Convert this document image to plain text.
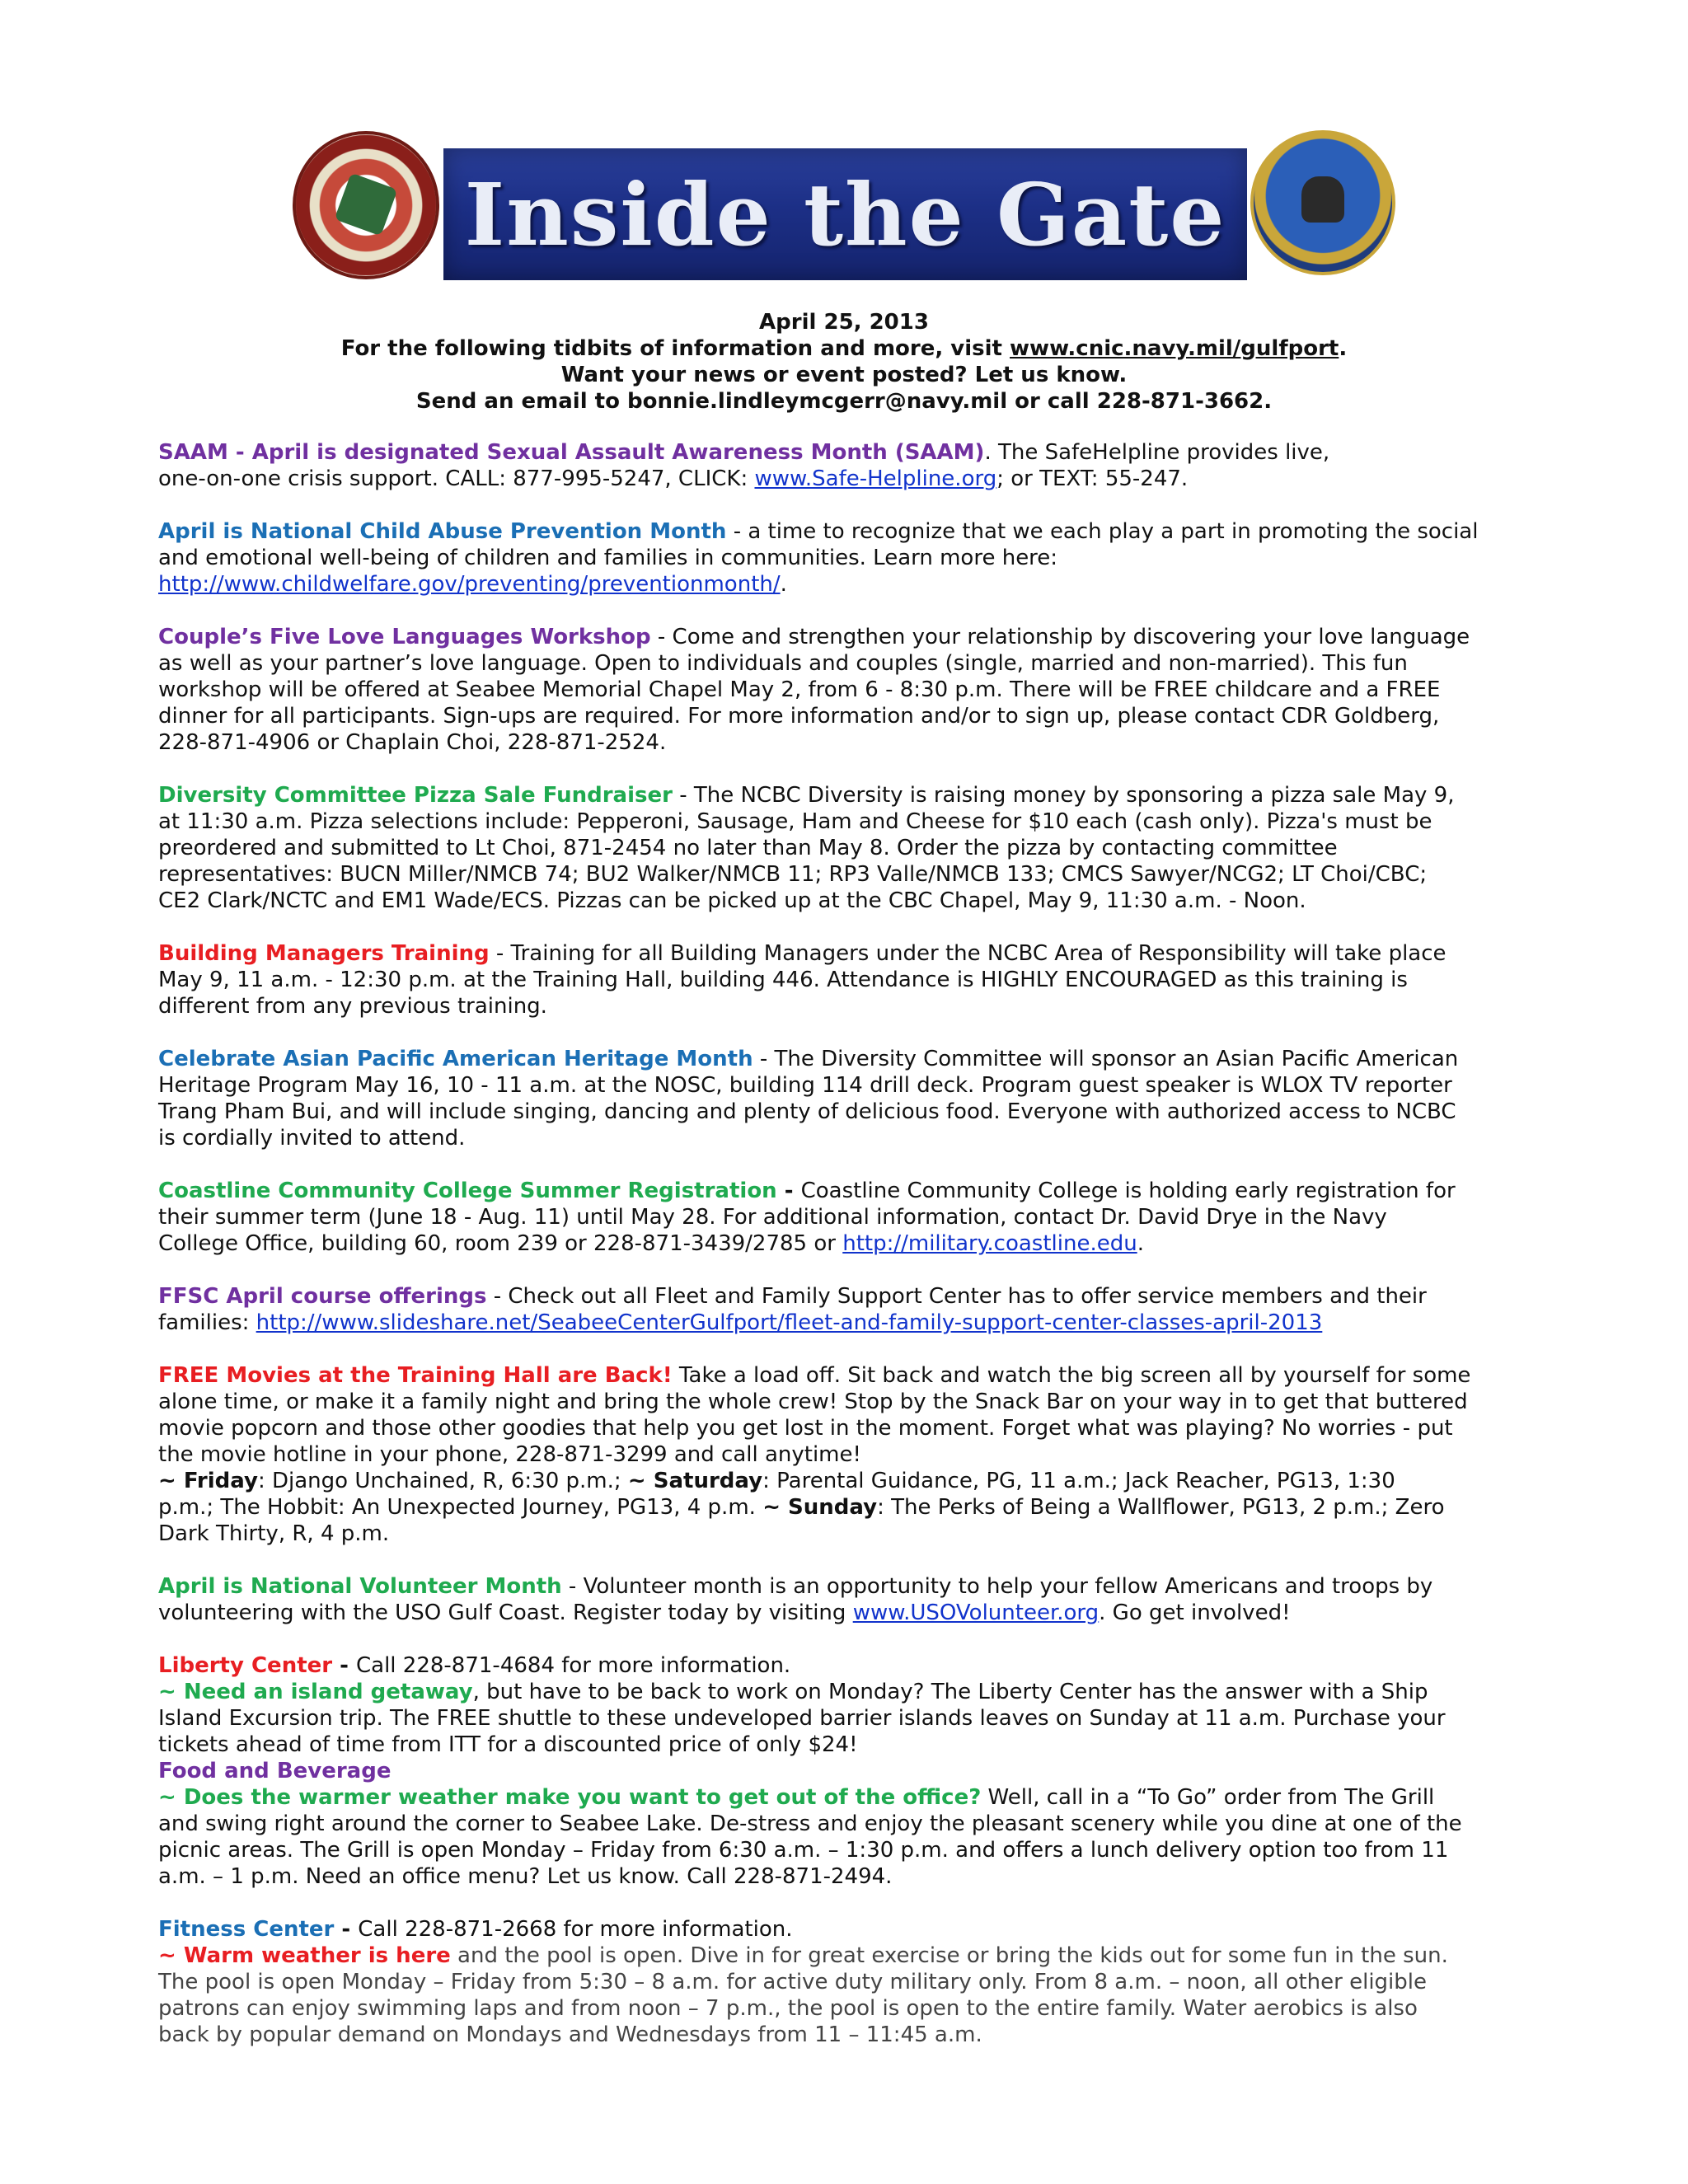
Inside the Gate
April 25, 2013
For the following tidbits of information and more, visit www.cnic.navy.mil/gulfport.
Want your news or event posted? Let us know.
Send an email to bonnie.lindleymcgerr@navy.mil or call 228-871-3662.
SAAM - April is designated Sexual Assault Awareness Month (SAAM). The SafeHelpline provides live,
one-on-one crisis support. CALL: 877-995-5247, CLICK: www.Safe-Helpline.org; or TEXT: 55-247.
April is National Child Abuse Prevention Month - a time to recognize that we each play a part in promoting the social
and emotional well-being of children and families in communities. Learn more here:
http://www.childwelfare.gov/preventing/preventionmonth/.
Couple’s Five Love Languages Workshop - Come and strengthen your relationship by discovering your love language
as well as your partner’s love language. Open to individuals and couples (single, married and non-married). This fun
workshop will be offered at Seabee Memorial Chapel May 2, from 6 - 8:30 p.m. There will be FREE childcare and a FREE
dinner for all participants. Sign-ups are required. For more information and/or to sign up, please contact CDR Goldberg,
228-871-4906 or Chaplain Choi, 228-871-2524.
Diversity Committee Pizza Sale Fundraiser - The NCBC Diversity is raising money by sponsoring a pizza sale May 9,
at 11:30 a.m. Pizza selections include: Pepperoni, Sausage, Ham and Cheese for $10 each (cash only). Pizza's must be
preordered and submitted to Lt Choi, 871-2454 no later than May 8. Order the pizza by contacting committee
representatives: BUCN Miller/NMCB 74; BU2 Walker/NMCB 11; RP3 Valle/NMCB 133; CMCS Sawyer/NCG2; LT Choi/CBC;
CE2 Clark/NCTC and EM1 Wade/ECS. Pizzas can be picked up at the CBC Chapel, May 9, 11:30 a.m. - Noon.
Building Managers Training - Training for all Building Managers under the NCBC Area of Responsibility will take place
May 9, 11 a.m. - 12:30 p.m. at the Training Hall, building 446. Attendance is HIGHLY ENCOURAGED as this training is
different from any previous training.
Celebrate Asian Pacific American Heritage Month - The Diversity Committee will sponsor an Asian Pacific American
Heritage Program May 16, 10 - 11 a.m. at the NOSC, building 114 drill deck. Program guest speaker is WLOX TV reporter
Trang Pham Bui, and will include singing, dancing and plenty of delicious food. Everyone with authorized access to NCBC
is cordially invited to attend.
Coastline Community College Summer Registration - Coastline Community College is holding early registration for
their summer term (June 18 - Aug. 11) until May 28. For additional information, contact Dr. David Drye in the Navy
College Office, building 60, room 239 or 228-871-3439/2785 or http://military.coastline.edu.
FFSC April course offerings - Check out all Fleet and Family Support Center has to offer service members and their
families: http://www.slideshare.net/SeabeeCenterGulfport/fleet-and-family-support-center-classes-april-2013
FREE Movies at the Training Hall are Back! Take a load off. Sit back and watch the big screen all by yourself for some
alone time, or make it a family night and bring the whole crew! Stop by the Snack Bar on your way in to get that buttered
movie popcorn and those other goodies that help you get lost in the moment. Forget what was playing? No worries - put
the movie hotline in your phone, 228-871-3299 and call anytime!
~ Friday: Django Unchained, R, 6:30 p.m.; ~ Saturday: Parental Guidance, PG, 11 a.m.; Jack Reacher, PG13, 1:30
p.m.; The Hobbit: An Unexpected Journey, PG13, 4 p.m. ~ Sunday: The Perks of Being a Wallflower, PG13, 2 p.m.; Zero
Dark Thirty, R, 4 p.m.
April is National Volunteer Month - Volunteer month is an opportunity to help your fellow Americans and troops by
volunteering with the USO Gulf Coast. Register today by visiting www.USOVolunteer.org. Go get involved!
Liberty Center - Call 228-871-4684 for more information.
~ Need an island getaway, but have to be back to work on Monday? The Liberty Center has the answer with a Ship
Island Excursion trip. The FREE shuttle to these undeveloped barrier islands leaves on Sunday at 11 a.m. Purchase your
tickets ahead of time from ITT for a discounted price of only $24!
Food and Beverage
~ Does the warmer weather make you want to get out of the office? Well, call in a “To Go” order from The Grill
and swing right around the corner to Seabee Lake. De-stress and enjoy the pleasant scenery while you dine at one of the
picnic areas. The Grill is open Monday – Friday from 6:30 a.m. – 1:30 p.m. and offers a lunch delivery option too from 11
a.m. – 1 p.m. Need an office menu? Let us know. Call 228-871-2494.
Fitness Center - Call 228-871-2668 for more information.
~ Warm weather is here and the pool is open. Dive in for great exercise or bring the kids out for some fun in the sun.
The pool is open Monday – Friday from 5:30 – 8 a.m. for active duty military only. From 8 a.m. – noon, all other eligible
patrons can enjoy swimming laps and from noon – 7 p.m., the pool is open to the entire family. Water aerobics is also
back by popular demand on Mondays and Wednesdays from 11 – 11:45 a.m.
